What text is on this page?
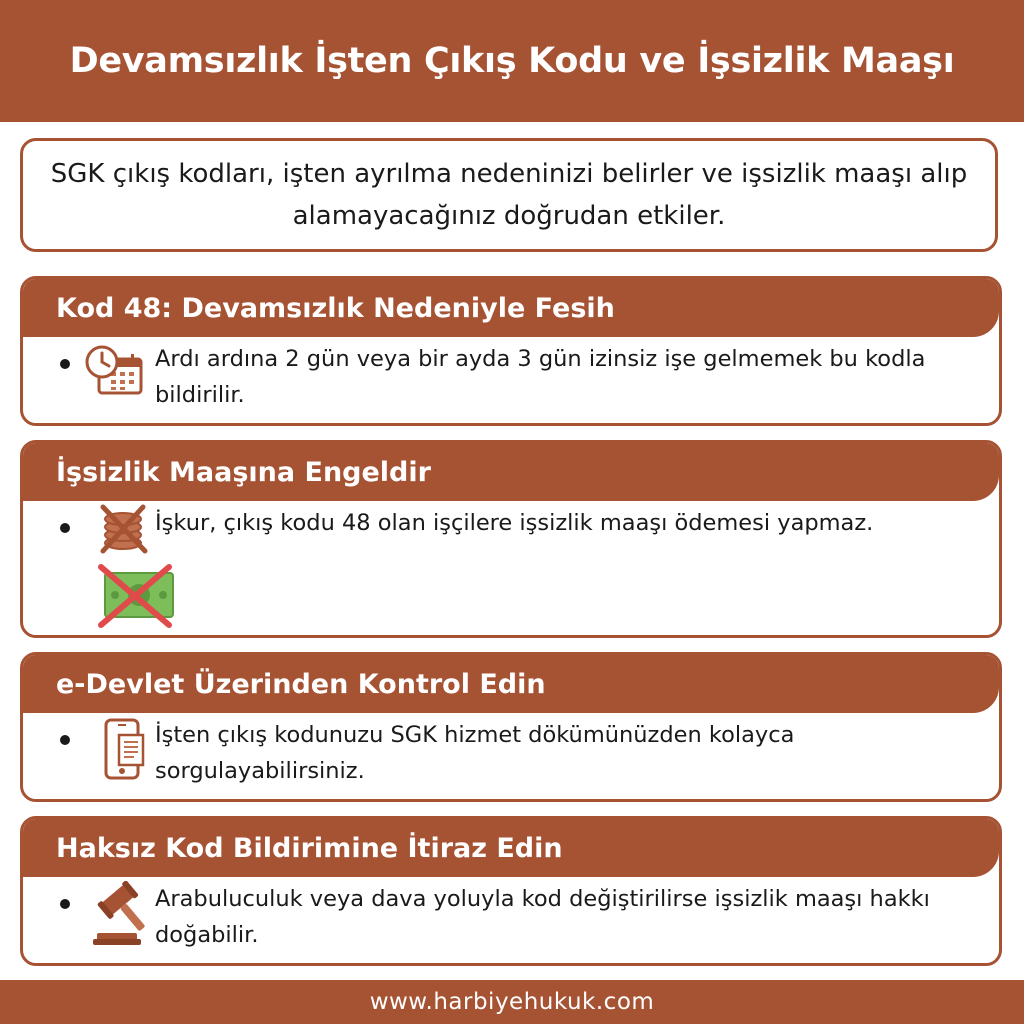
Devamsızlık İşten Çıkış Kodu ve İşsizlik Maaşı

SGK çıkış kodları, işten ayrılma nedeninizi belirler ve işsizlik maaşı alıp alamayacağınız doğrudan etkiler.

Kod 48: Devamsızlık Nedeniyle Fesih

Ardı ardına 2 gün veya bir ayda 3 gün izinsiz işe gelmemek bu kodla bildirilir.

İşsizlik Maaşına Engeldir

İşkur, çıkış kodu 48 olan işçilere işsizlik maaşı ödemesi yapmaz.

e-Devlet Üzerinden Kontrol Edin

İşten çıkış kodunuzu SGK hizmet dökümünüzden kolayca sorgulayabilirsiniz.

Haksız Kod Bildirimine İtiraz Edin

Arabuluculuk veya dava yoluyla kod değiştirilirse işsizlik maaşı hakkı doğabilir.

www.harbiyehukuk.com
